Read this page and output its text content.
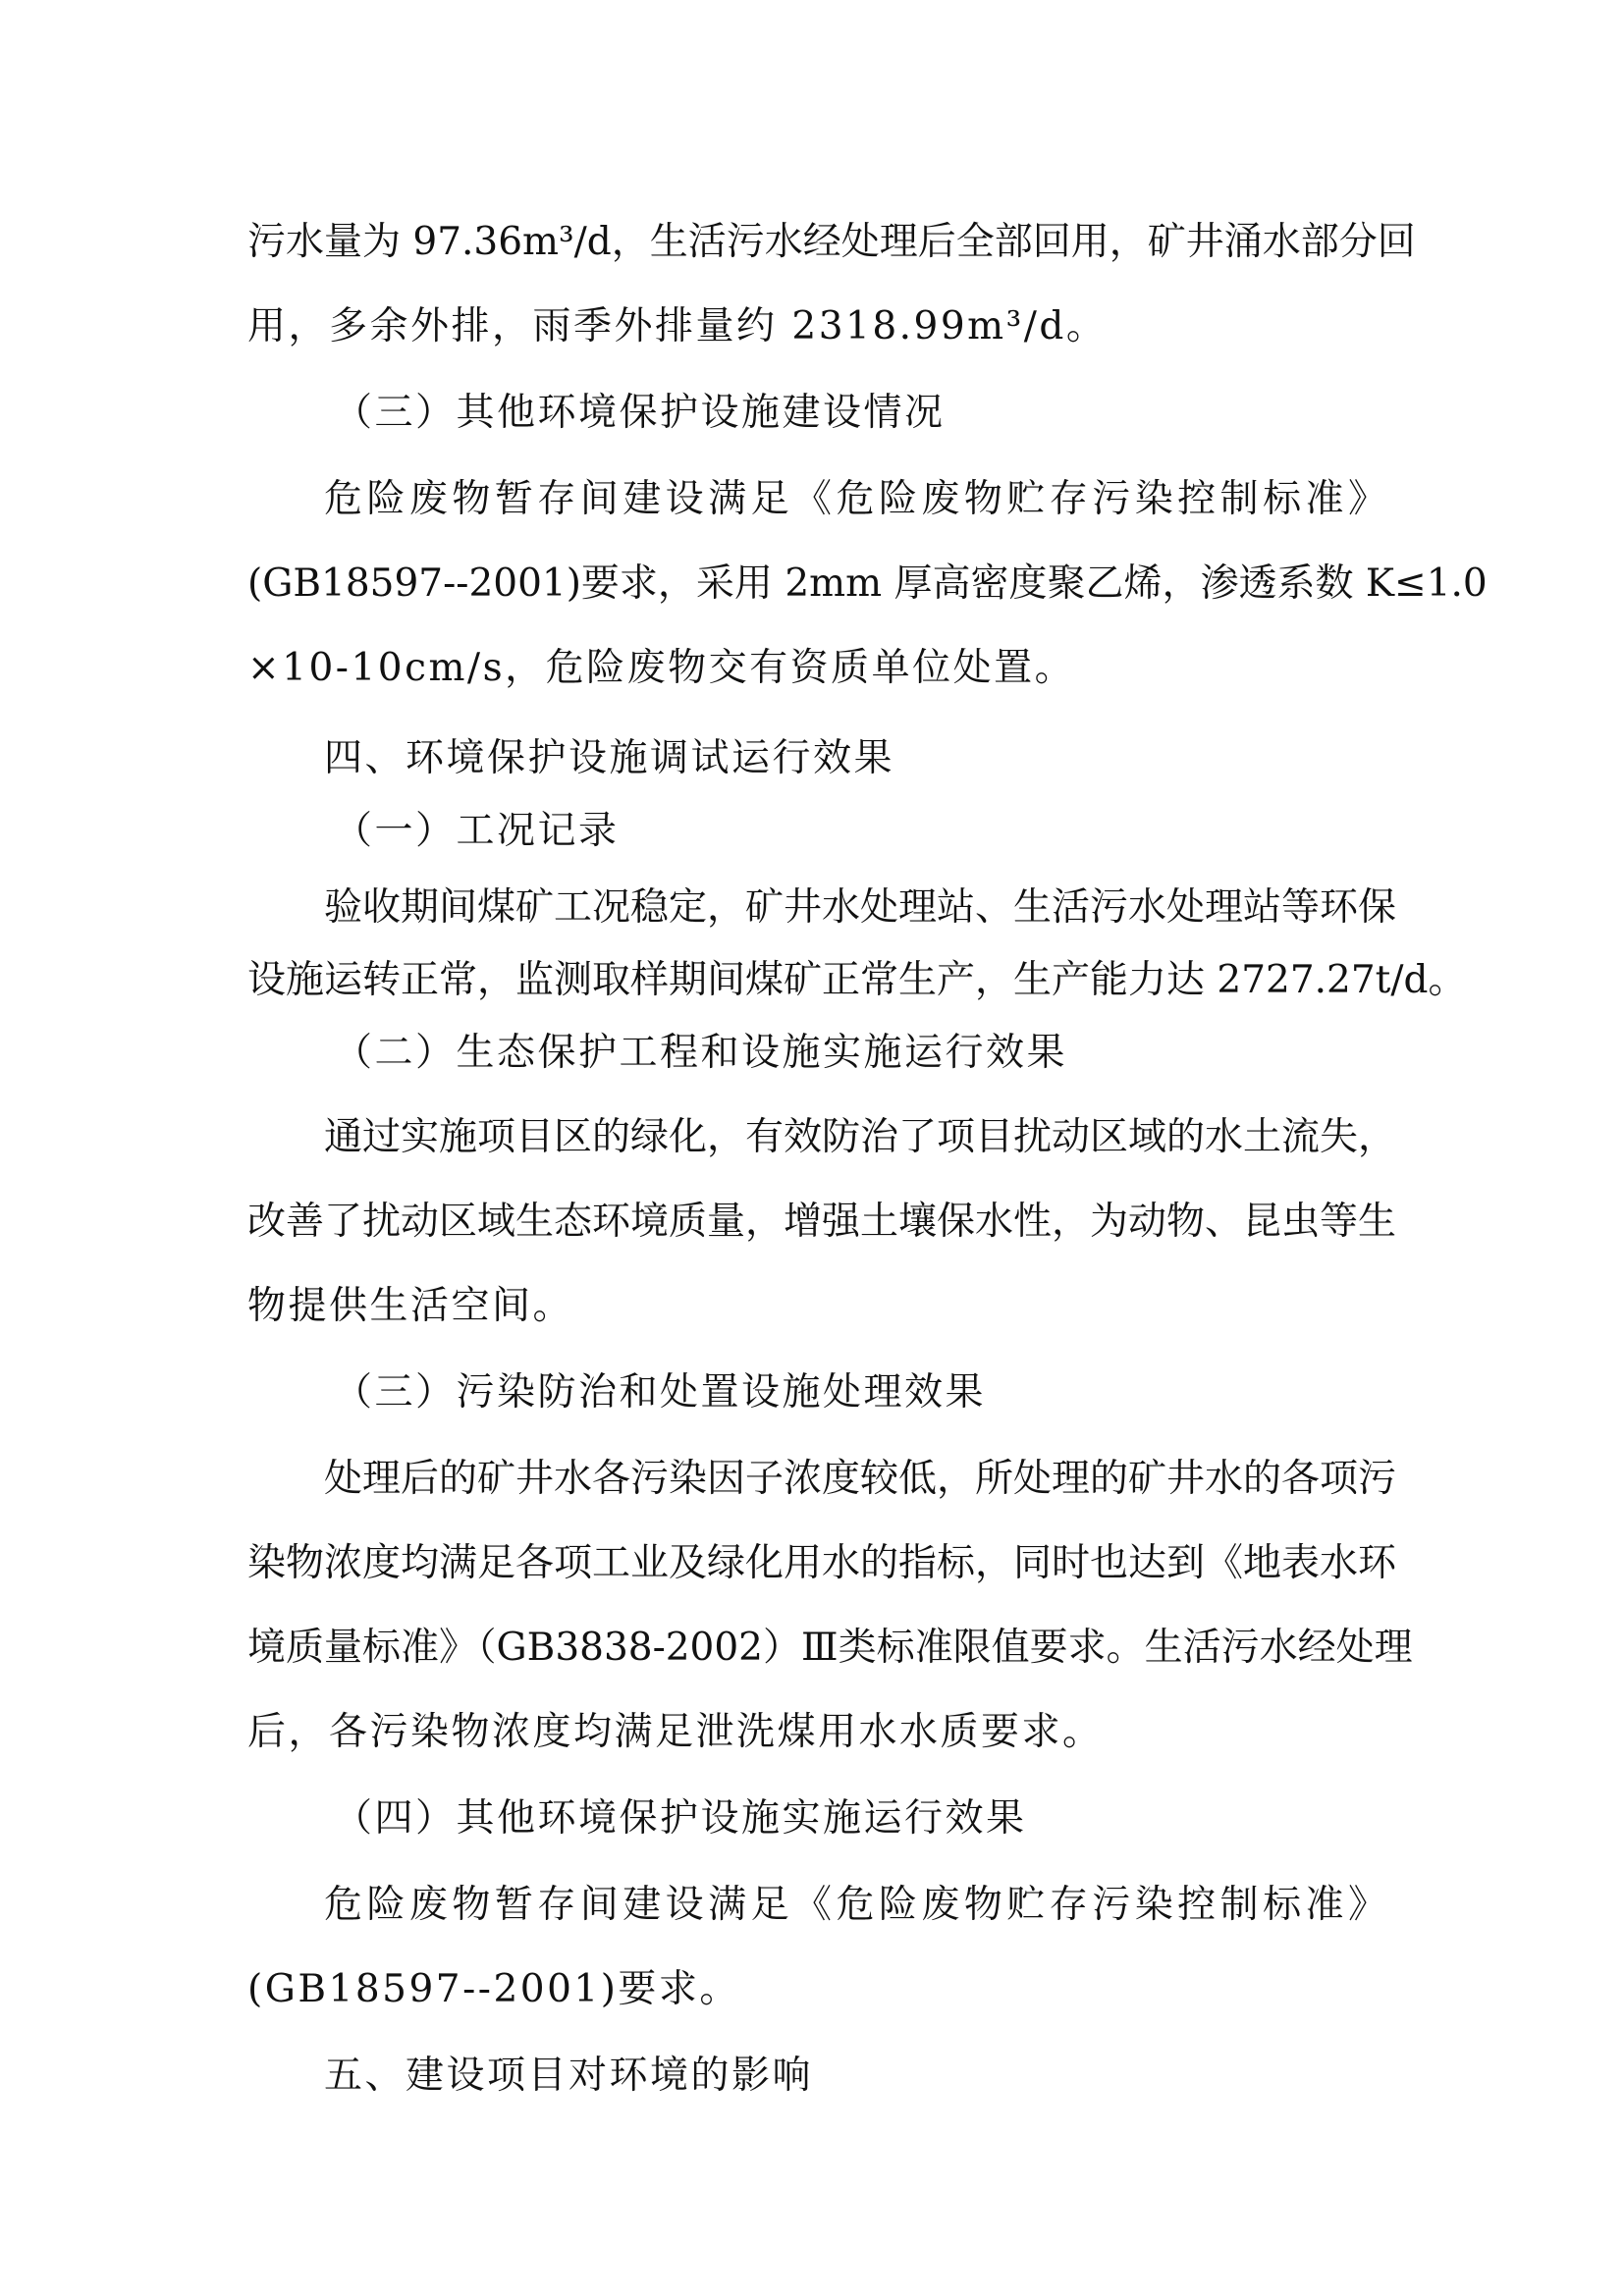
污水量为 97.36m³/d，生活污水经处理后全部回用，矿井涌水部分回
用，多余外排，雨季外排量约 2318.99m³/d。
（三）其他环境保护设施建设情况
危险废物暂存间建设满足《危险废物贮存污染控制标准》
(GB18597--2001)要求，采用 2mm 厚高密度聚乙烯，渗透系数 K≤1.0
×10-10cm/s，危险废物交有资质单位处置。
四、环境保护设施调试运行效果
（一）工况记录
验收期间煤矿工况稳定，矿井水处理站、生活污水处理站等环保
设施运转正常，监测取样期间煤矿正常生产，生产能力达 2727.27t/d。
（二）生态保护工程和设施实施运行效果
通过实施项目区的绿化，有效防治了项目扰动区域的水土流失，
改善了扰动区域生态环境质量，增强土壤保水性，为动物、昆虫等生
物提供生活空间。
（三）污染防治和处置设施处理效果
处理后的矿井水各污染因子浓度较低，所处理的矿井水的各项污
染物浓度均满足各项工业及绿化用水的指标，同时也达到《地表水环
境质量标准》（GB3838-2002）Ⅲ类标准限值要求。生活污水经处理
后，各污染物浓度均满足泄洗煤用水水质要求。
（四）其他环境保护设施实施运行效果
危险废物暂存间建设满足《危险废物贮存污染控制标准》
(GB18597--2001)要求。
五、建设项目对环境的影响
